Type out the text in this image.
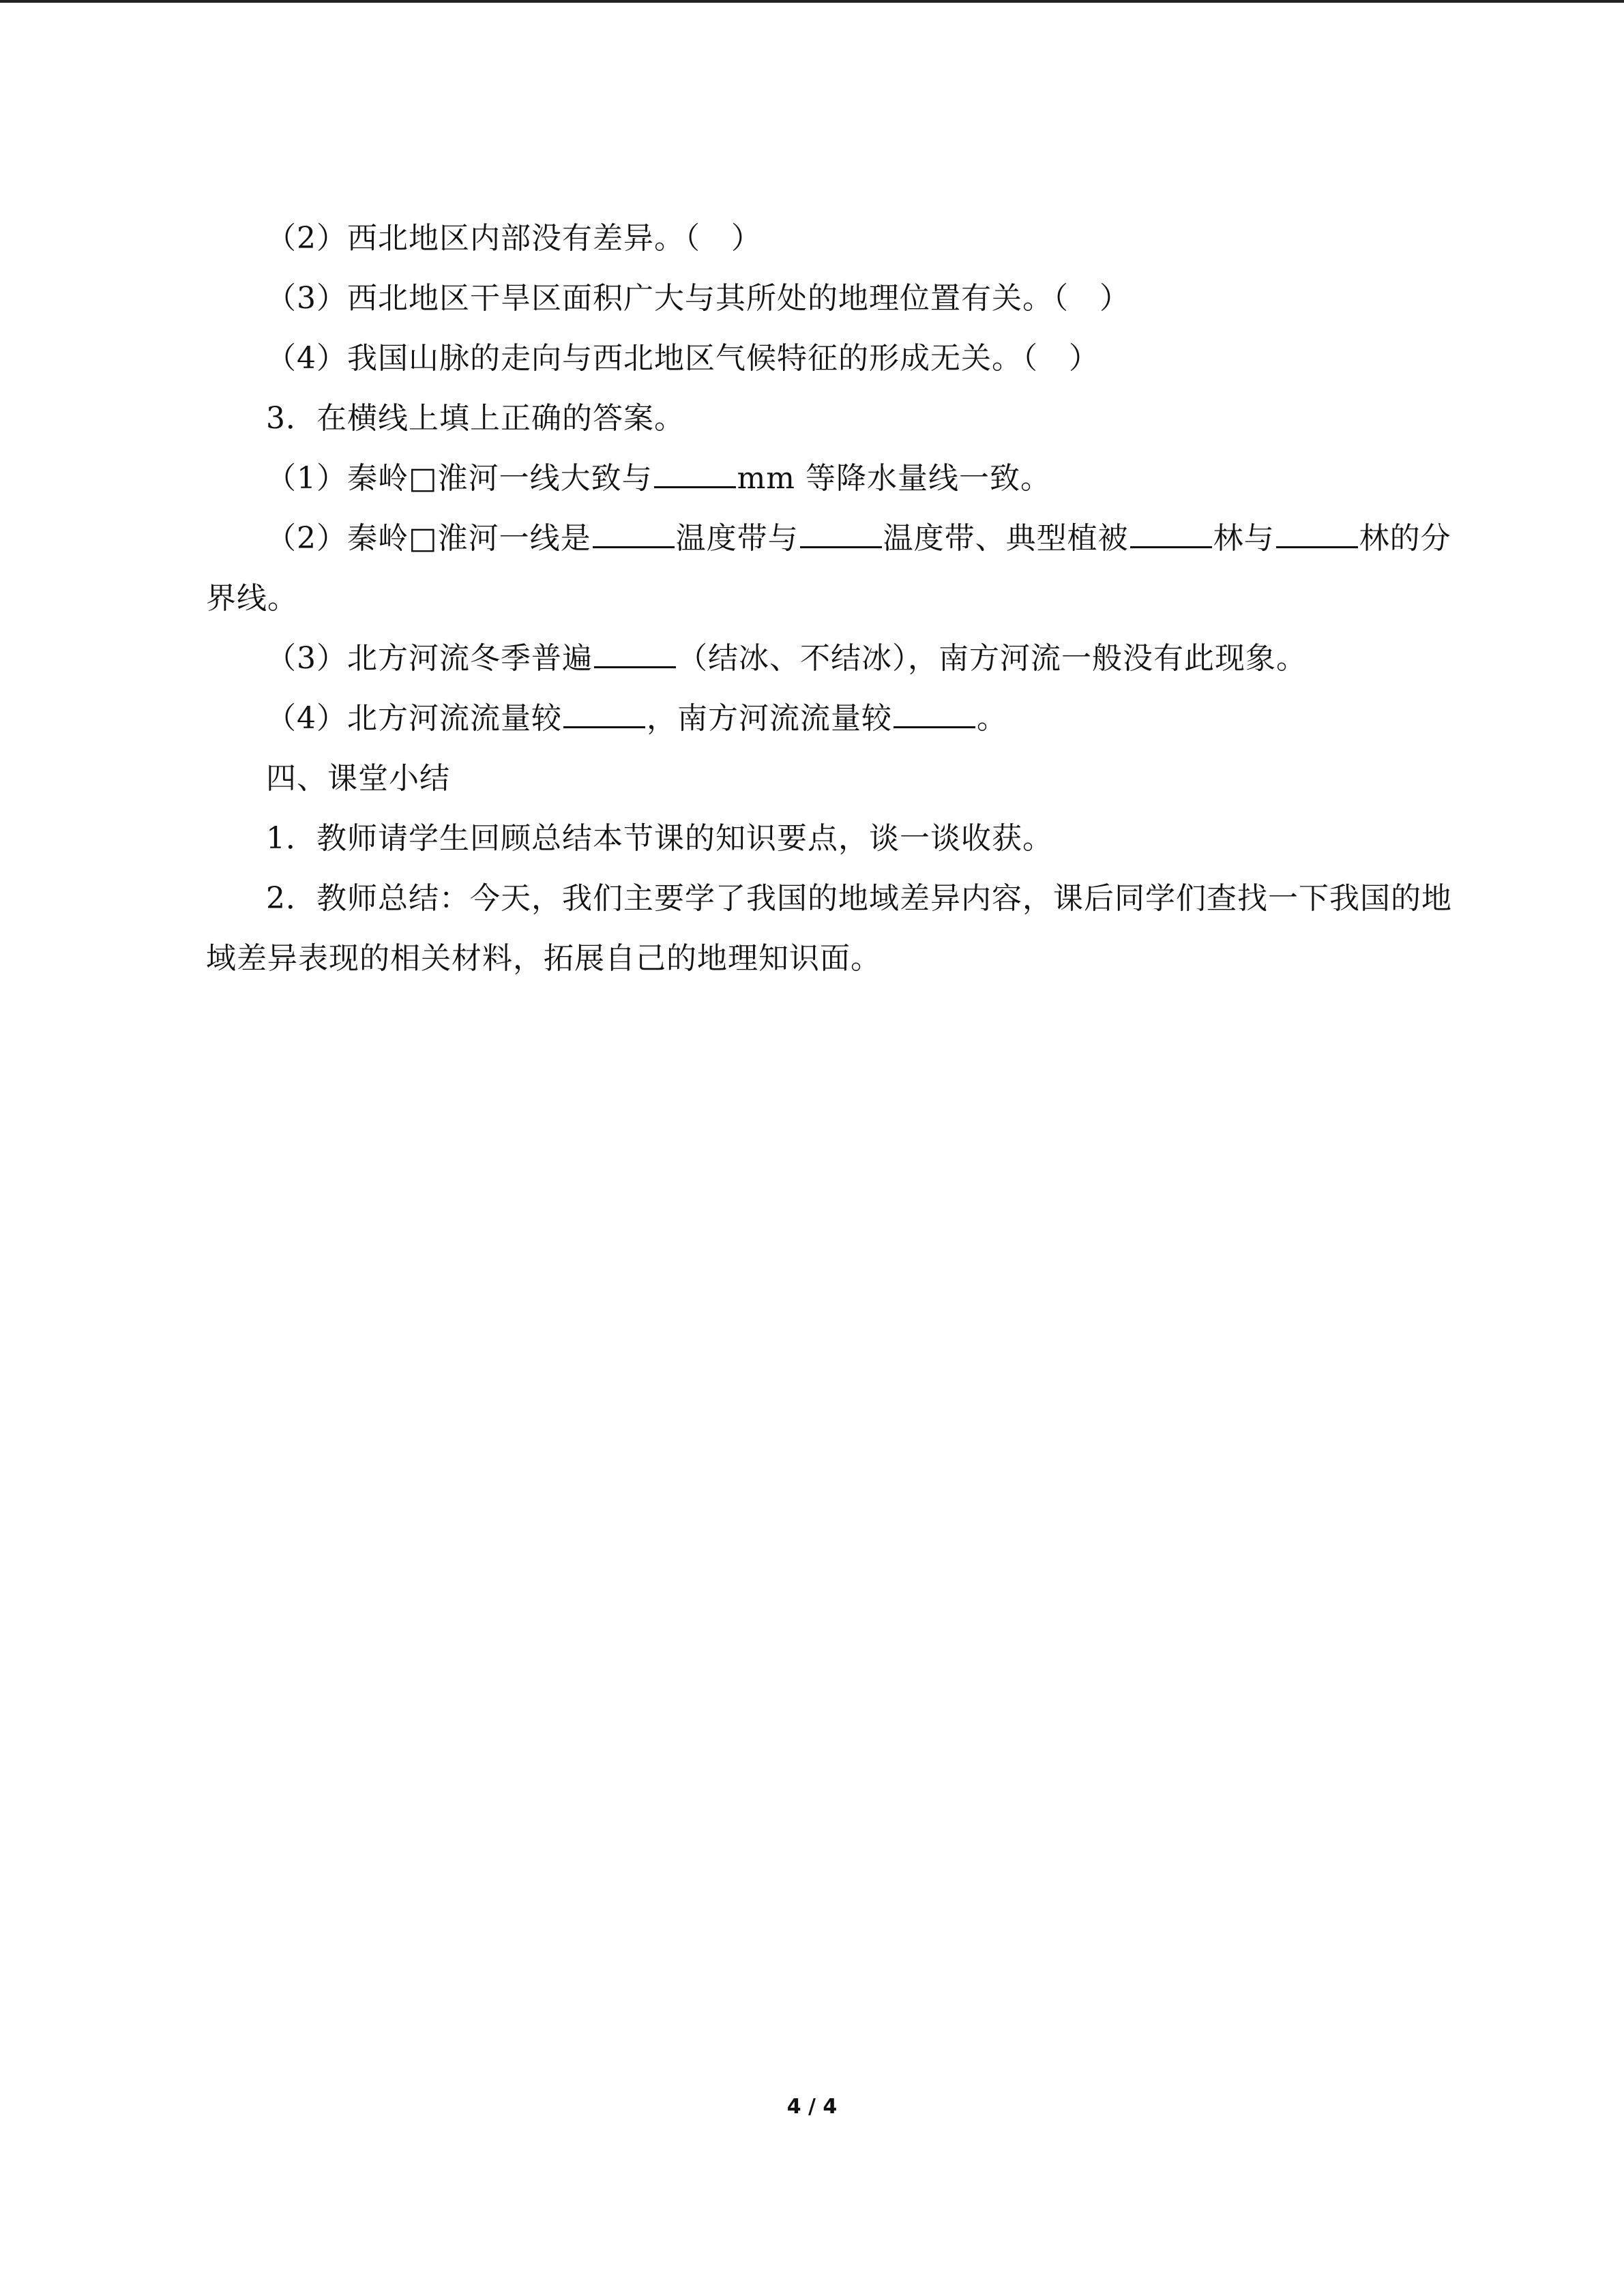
（2）西北地区内部没有差异。（　）

（3）西北地区干旱区面积广大与其所处的地理位置有关。（　）

（4）我国山脉的走向与西北地区气候特征的形成无关。（　）

3．在横线上填上正确的答案。

（1）秦岭□淮河一线大致与	mm 等降水量线一致。

（2）秦岭□淮河一线是	温度带与	温度带、典型植被	林与	林的分界线。

（3）北方河流冬季普遍	（结冰、不结冰），南方河流一般没有此现象。

（4）北方河流流量较	，南方河流流量较	。

四、课堂小结

1．教师请学生回顾总结本节课的知识要点，谈一谈收获。

2．教师总结：今天，我们主要学了我国的地域差异内容，课后同学们查找一下我国的地域差异表现的相关材料，拓展自己的地理知识面。

4 / 4
